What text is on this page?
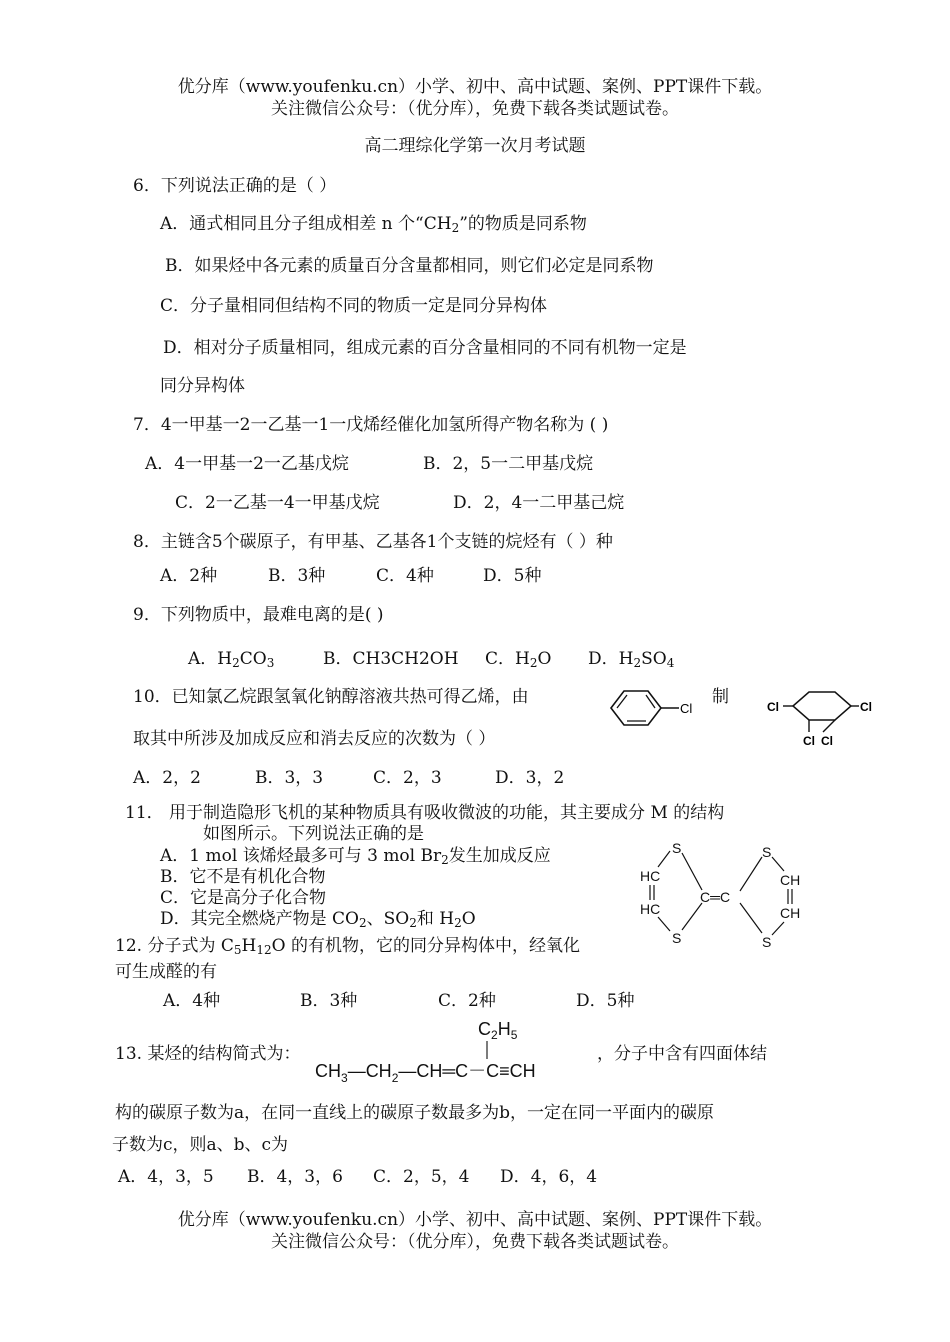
优分库（www.youfenku.cn）小学、初中、高中试题、案例、PPT课件下载。
关注微信公众号：（优分库），免费下载各类试题试卷。
高二理综化学第一次月考试题
6．下列说法正确的是（ ）
A．通式相同且分子组成相差 n 个“$CH_2$”的物质是同系物
B．如果烃中各元素的质量百分含量都相同，则它们必定是同系物
C．分子量相同但结构不同的物质一定是同分异构体
D．相对分子质量相同，组成元素的百分含量相同的不同有机物一定是
同分异构体
7．4一甲基一2一乙基一1一戊烯经催化加氢所得产物名称为 ( )
A．4一甲基一2一乙基戊烷	B．2，5一二甲基戊烷
C．2一乙基一4一甲基戊烷	D．2，4一二甲基己烷
8．主链含5个碳原子，有甲基、乙基各1个支链的烷烃有（ ）种
A．2种	B．3种	C．4种	D．5种
9．下列物质中，最难电离的是( )
A．$H_2CO_3$	B．CH3CH2OH C．$H_2O$ D．$H_2SO_4$
10．已知氯乙烷跟氢氧化钠醇溶液共热可得乙烯，由
Cl
制	Cl	Cl
Cl Cl
取其中所涉及加成反应和消去反应的次数为（ ）
A．2，2	B．3，3	C．2，3	D．3，2
11． 用于制造隐形飞机的某种物质具有吸收微波的功能，其主要成分 M 的结构
如图所示。下列说法正确的是
A．1 mol 该烯烃最多可与 3 mol $Br_2$发生加成反应
B．它不是有机化合物
C．它是高分子化合物
D．其完全燃烧产物是 $CO_2$、$SO_2$和 $H_2O$
S	S
HC
HC
CH
CH
C═C
S	S
12. 分子式为 $C_5H_{12}O$ 的有机物，它的同分异构体中，经氧化
可生成醛的有
A．4种	B．3种	C．2种	D．5种
13. 某烃的结构简式为：
$C_2H_5$
$CH_3—CH_2—CH═C-C\equiv CH$
，分子中含有四面体结
构的碳原子数为a，在同一直线上的碳原子数最多为b，一定在同一平面内的碳原
子数为c，则a、b、c为
A．4，3，5 B．4，3，6 C．2，5，4 D．4，6，4
优分库（www.youfenku.cn）小学、初中、高中试题、案例、PPT课件下载。
关注微信公众号：（优分库），免费下载各类试题试卷。
